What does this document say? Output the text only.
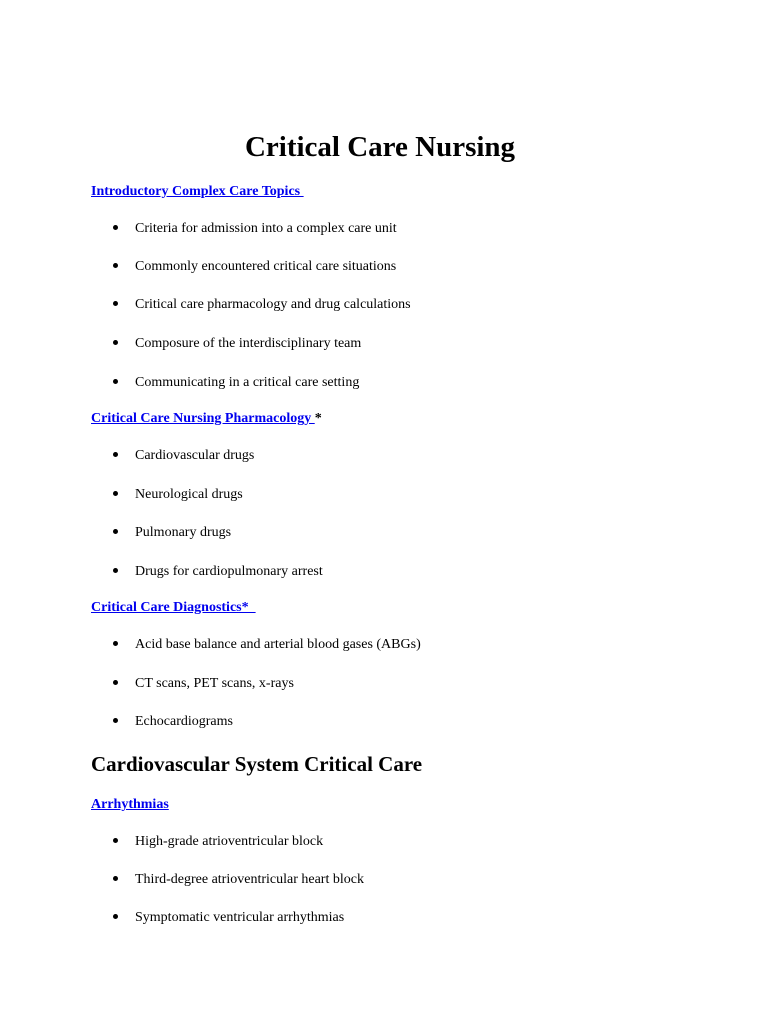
Critical Care Nursing

Introductory Complex Care Topics

Criteria for admission into a complex care unit

Commonly encountered critical care situations

Critical care pharmacology and drug calculations

Composure of the interdisciplinary team

Communicating in a critical care setting

Critical Care Nursing Pharmacology *

Cardiovascular drugs

Neurological drugs

Pulmonary drugs

Drugs for cardiopulmonary arrest

Critical Care Diagnostics*

Acid base balance and arterial blood gases (ABGs)

CT scans, PET scans, x-rays

Echocardiograms

Cardiovascular System Critical Care

Arrhythmias

High-grade atrioventricular block

Third-degree atrioventricular heart block

Symptomatic ventricular arrhythmias
